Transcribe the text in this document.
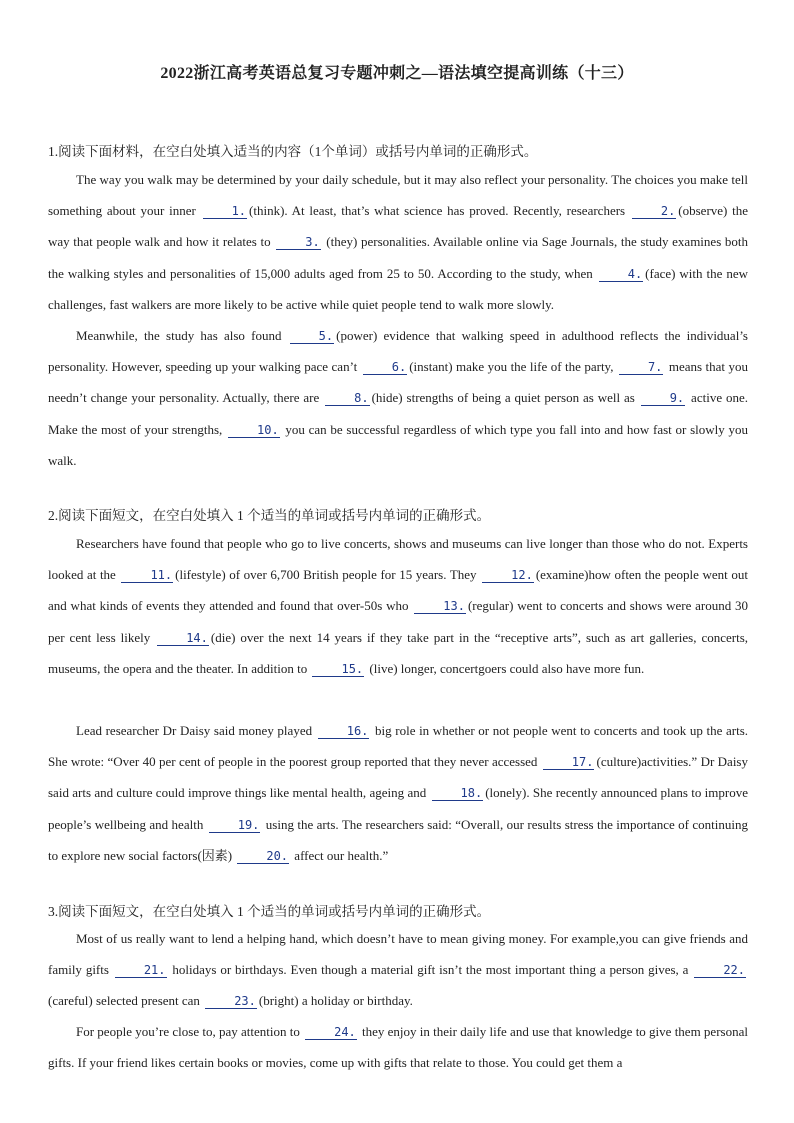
2022浙江高考英语总复习专题冲刺之—语法填空提高训练（十三）
1.阅读下面材料，在空白处填入适当的内容（1个单词）或括号内单词的正确形式。

The way you walk may be determined by your daily schedule, but it may also reflect your personality. The choices you make tell something about your inner	1. (think). At least, that’s what science has proved. Recently, researchers	2. (observe) the way that people walk and how it relates to	3. (they) personalities. Available online via Sage Journals, the study examines both the walking styles and personalities of 15,000 adults aged from 25 to 50. According to the study, when	4. (face) with the new challenges, fast walkers are more likely to be active while quiet people tend to walk more slowly.

Meanwhile, the study has also found	5. (power) evidence that walking speed in adulthood reflects the individual’s personality. However, speeding up your walking pace can’t	6. (instant) make you the life of the party,	7. means that you needn’t change your personality. Actually, there are	8. (hide) strengths of being a quiet person as well as	9. active one. Make the most of your strengths,	10. you can be successful regardless of which type you fall into and how fast or slowly you walk.

2.阅读下面短文，在空白处填入 1 个适当的单词或括号内单词的正确形式。

Researchers have found that people who go to live concerts, shows and museums can live longer than those who do not. Experts looked at the	11. (lifestyle) of over 6,700 British people for 15 years. They	12. (examine)how often the people went out and what kinds of events they attended and found that over-50s who	13. (regular) went to concerts and shows were around 30 per cent less likely	14. (die) over the next 14 years if they take part in the “receptive arts”, such as art galleries, concerts, museums, the opera and the theater. In addition to	15. (live) longer, concertgoers could also have more fun.

Lead researcher Dr Daisy said money played	16. big role in whether or not people went to concerts and took up the arts. She wrote: “Over 40 per cent of people in the poorest group reported that they never accessed	17. (culture)activities.” Dr Daisy said arts and culture could improve things like mental health, ageing and	18. (lonely). She recently announced plans to improve people’s wellbeing and health	19. using the arts. The researchers said: “Overall, our results stress the importance of continuing to explore new social factors(因素)	20. affect our health.”

3.阅读下面短文，在空白处填入 1 个适当的单词或括号内单词的正确形式。

Most of us really want to lend a helping hand, which doesn’t have to mean giving money. For example,you can give friends and family gifts	21. holidays or birthdays. Even though a material gift isn’t the most important thing a person gives, a	22.(careful) selected present can	23. (bright) a holiday or birthday.

For people you’re close to, pay attention to	24. they enjoy in their daily life and use that knowledge to give them personal gifts. If your friend likes certain books or movies, come up with gifts that relate to those. You could get them a
